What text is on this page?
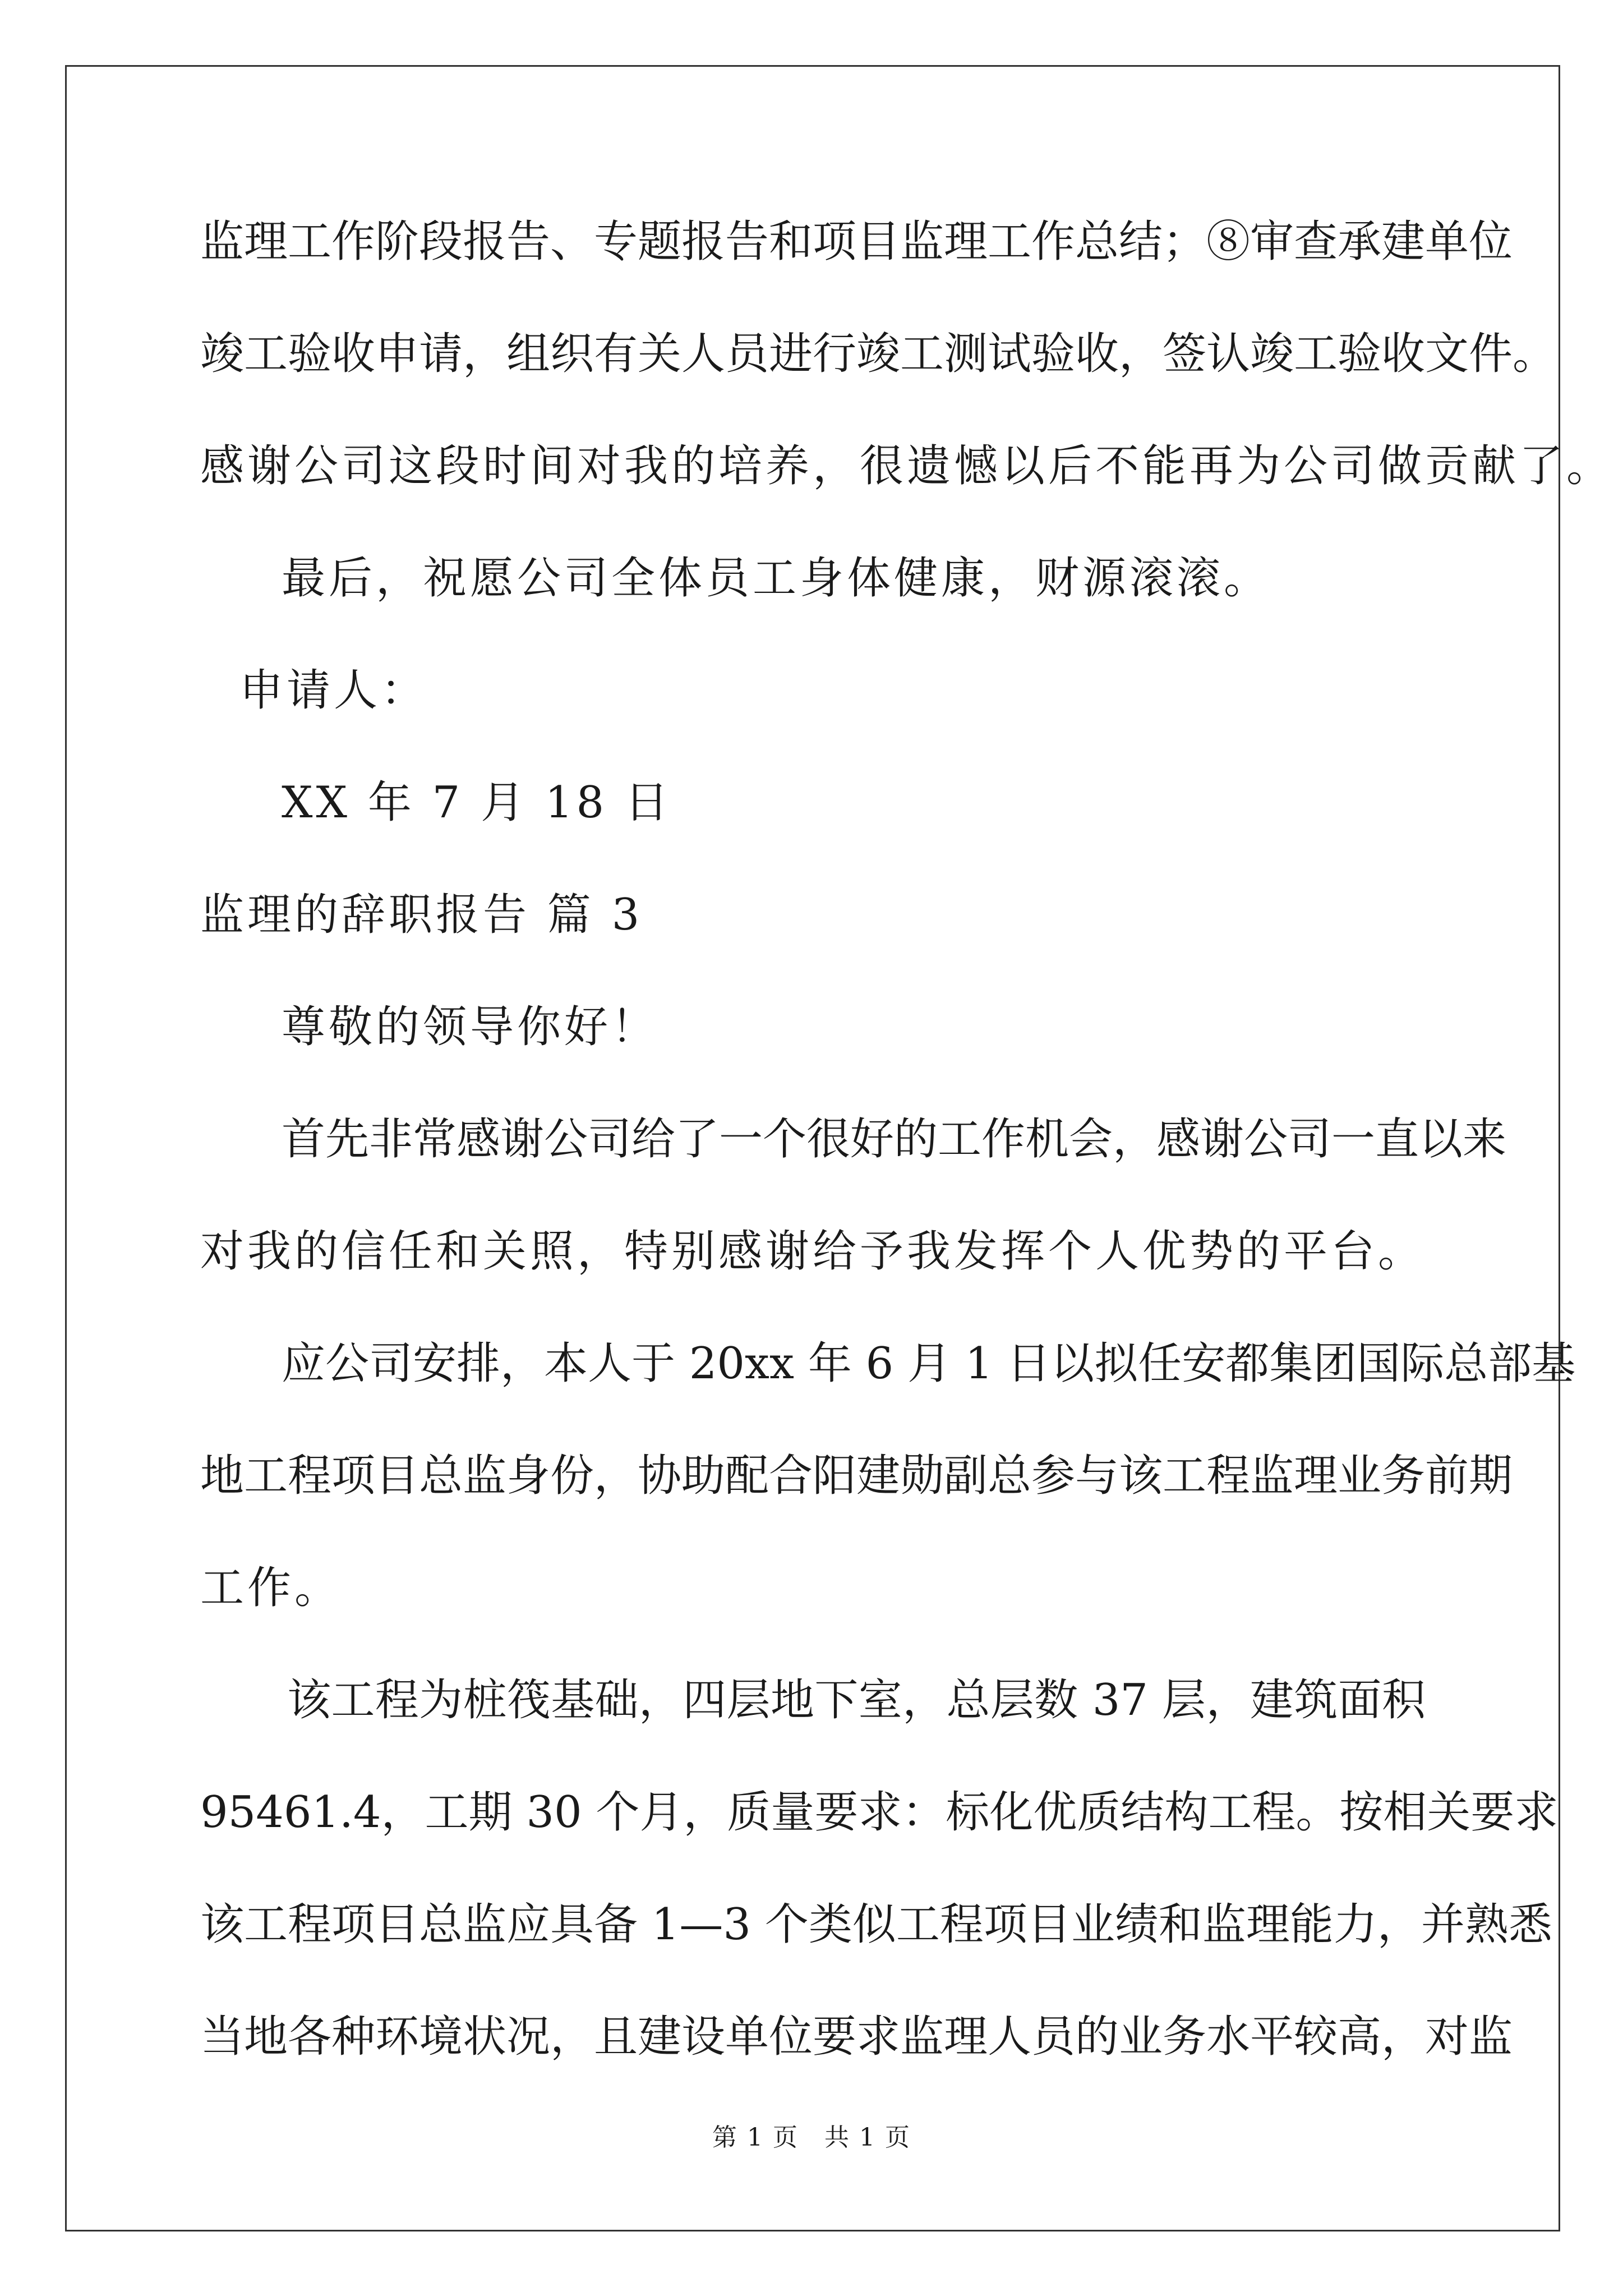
监理工作阶段报告、专题报告和项目监理工作总结；⑧审查承建单位

竣工验收申请，组织有关人员进行竣工测试验收，签认竣工验收文件。

感谢公司这段时间对我的培养，很遗憾以后不能再为公司做贡献了。

最后，祝愿公司全体员工身体健康，财源滚滚。

申请人：

XX 年 7 月 18 日

监理的辞职报告 篇 3

尊敬的领导你好！

首先非常感谢公司给了一个很好的工作机会，感谢公司一直以来

对我的信任和关照，特别感谢给予我发挥个人优势的平台。

应公司安排，本人于 20xx 年 6 月 1 日以拟任安都集团国际总部基

地工程项目总监身份，协助配合阳建勋副总参与该工程监理业务前期

工作。

该工程为桩筏基础，四层地下室，总层数 37 层，建筑面积

95461.4，工期 30 个月，质量要求：标化优质结构工程。按相关要求

该工程项目总监应具备 1—3 个类似工程项目业绩和监理能力，并熟悉

当地各种环境状况，且建设单位要求监理人员的业务水平较高，对监

第 1 页　共 1 页
